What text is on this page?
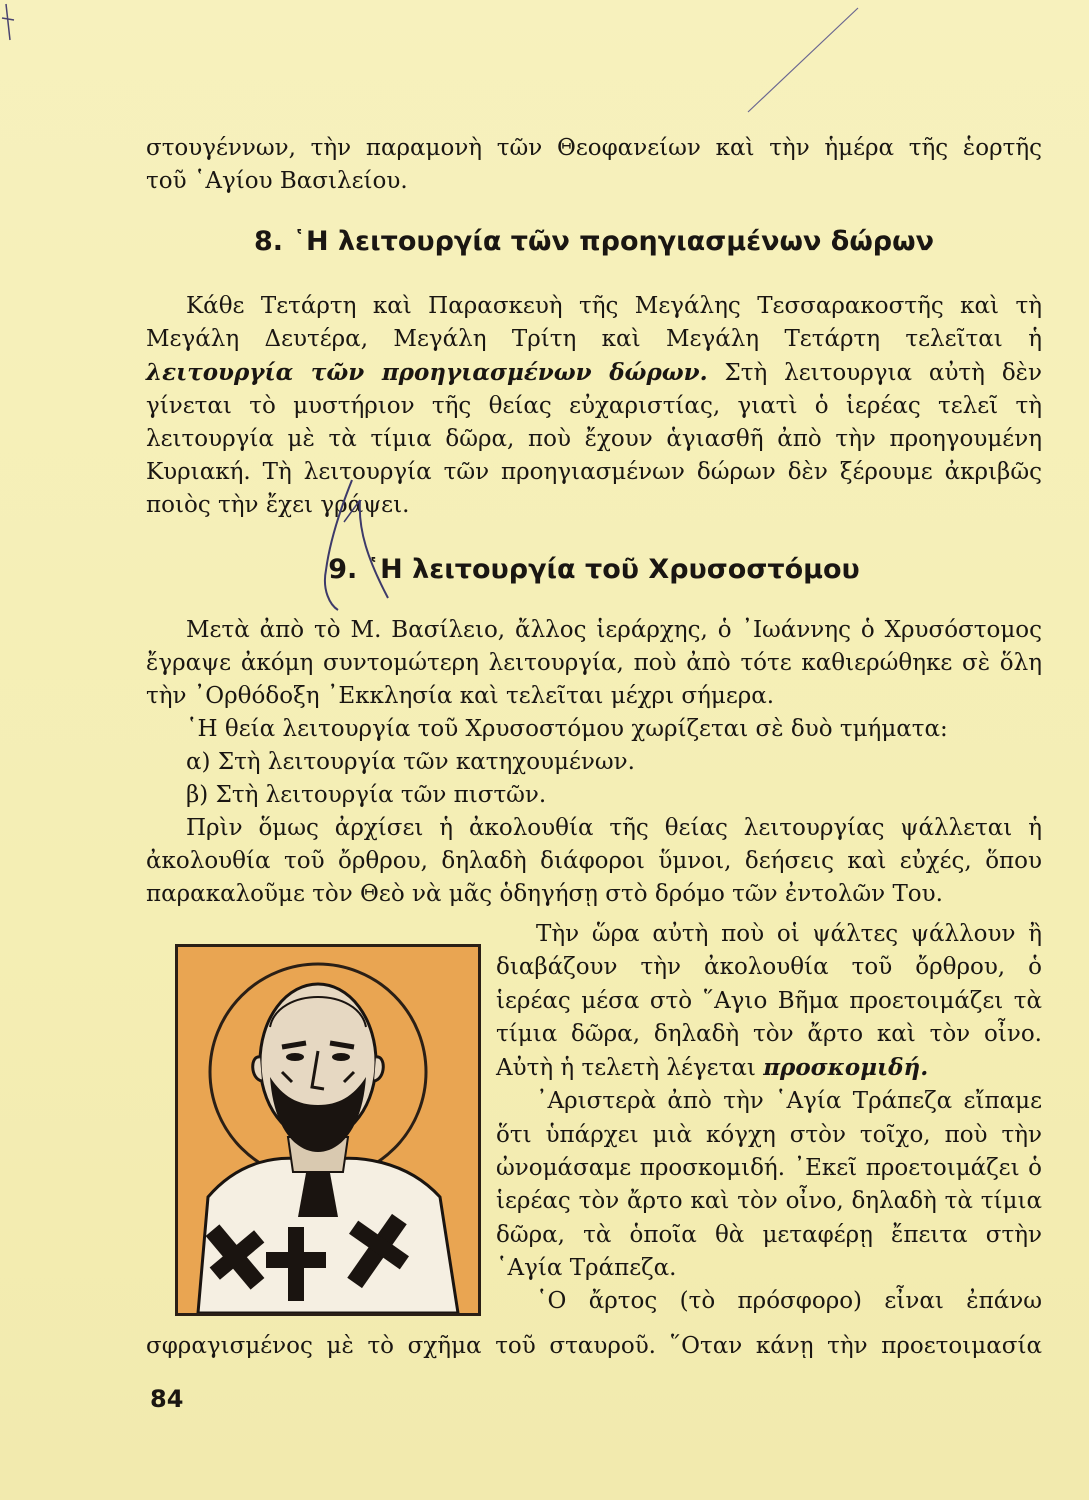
στουγέννων, τὴν παραμονὴ τῶν Θεοφανείων καὶ τὴν ἡμέρα τῆς ἑορτῆς

τοῦ ῾Αγίου Βασιλείου.

8. ῾Η λειτουργία τῶν προηγιασμένων δώρων

Κάθε Τετάρτη καὶ Παρασκευὴ τῆς Μεγάλης Τεσσαρακοστῆς καὶ τὴ Μεγάλη Δευτέρα, Μεγάλη Τρίτη καὶ Μεγάλη Τετάρτη τελεῖται ἡ λειτουργία τῶν προηγιασμένων δώρων. Στὴ λειτουργια αὐτὴ δὲν γίνεται τὸ μυστήριον τῆς θείας εὐχαριστίας, γιατὶ ὁ ἱερέας τελεῖ τὴ λειτουργία μὲ τὰ τίμια δῶρα, ποὺ ἔχουν ἁγιασθῆ ἀπὸ τὴν προηγουμένη Κυριακή. Τὴ λειτουργία τῶν προηγιασμένων δώρων δὲν ξέρουμε ἀκριβῶς ποιὸς τὴν ἔχει γράψει.

9. ῾Η λειτουργία τοῦ Χρυσοστόμου

Μετὰ ἀπὸ τὸ Μ. Βασίλειο, ἄλλος ἱεράρχης, ὁ ᾿Ιωάννης ὁ Χρυσόστομος ἔγραψε ἀκόμη συντομώτερη λειτουργία, ποὺ ἀπὸ τότε καθιερώθηκε σὲ ὅλη τὴν ᾿Ορθόδοξη ᾿Εκκλησία καὶ τελεῖται μέχρι σήμερα.

῾Η θεία λειτουργία τοῦ Χρυσοστόμου χωρίζεται σὲ δυὸ τμήματα:

α) Στὴ λειτουργία τῶν κατηχουμένων.

β) Στὴ λειτουργία τῶν πιστῶν.

Πρὶν ὅμως ἀρχίσει ἡ ἀκολουθία τῆς θείας λειτουργίας ψάλλεται ἡ ἀκολουθία τοῦ ὄρθρου, δηλαδὴ διάφοροι ὕμνοι, δεήσεις καὶ εὐχές, ὅπου παρακαλοῦμε τὸν Θεὸ νὰ μᾶς ὁδηγήσῃ στὸ δρόμο τῶν ἐντολῶν Του.

Τὴν ὥρα αὐτὴ ποὺ οἱ ψάλτες ψάλλουν ἢ διαβάζουν τὴν ἀκολουθία τοῦ ὄρθρου, ὁ ἱερέας μέσα στὸ ῞Αγιο Βῆμα προετοιμάζει τὰ τίμια δῶρα, δηλαδὴ τὸν ἄρτο καὶ τὸν οἶνο. Αὐτὴ ἡ τελετὴ λέγεται προσκομιδή.

᾿Αριστερὰ ἀπὸ τὴν ῾Αγία Τράπεζα εἴπαμε ὅτι ὑπάρχει μιὰ κόγχη στὸν τοῖχο, ποὺ τὴν ὠνομάσαμε προσκομιδή. ᾿Εκεῖ προετοιμάζει ὁ ἱερέας τὸν ἄρτο καὶ τὸν οἶνο, δηλαδὴ τὰ τίμια δῶρα, τὰ ὁποῖα θὰ μεταφέρῃ ἔπειτα στὴν ῾Αγία Τράπεζα.

῾Ο ἄρτος (τὸ πρόσφορο) εἶναι ἐπάνω

σφραγισμένος μὲ τὸ σχῆμα τοῦ σταυροῦ. ῞Οταν κάνῃ τὴν προετοιμασία

84
